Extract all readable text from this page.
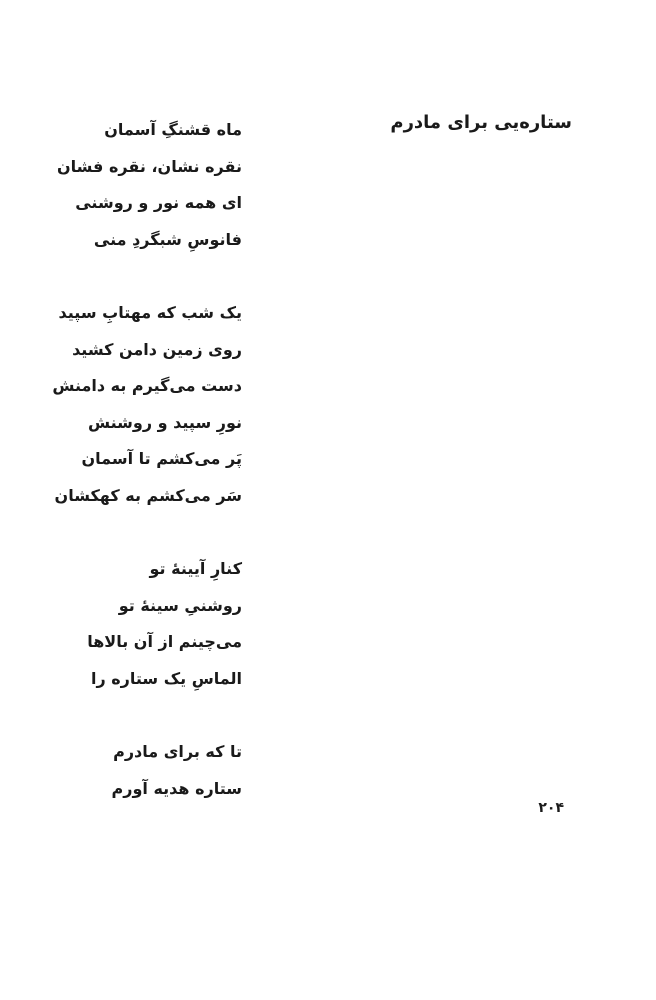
ستاره‌یی برای مادرم
ماه قشنگِ آسمان
نقره نشان، نقره فشان
ای همه نور و روشنی
فانوسِ شبگردِ منی
یک شب که مهتابِ سپید
روی زمین دامن کشید
دست می‌گیرم به دامنش
نورِ سپید و روشنش
پَر می‌کشم تا آسمان
سَر می‌کشم به کهکشان
کنارِ آیینهٔ تو
روشنیِ سینهٔ تو
می‌چینم از آن بالاها
الماسِ یک ستاره را
تا که برای مادرم
ستاره هدیه آورم
۲۰۴
